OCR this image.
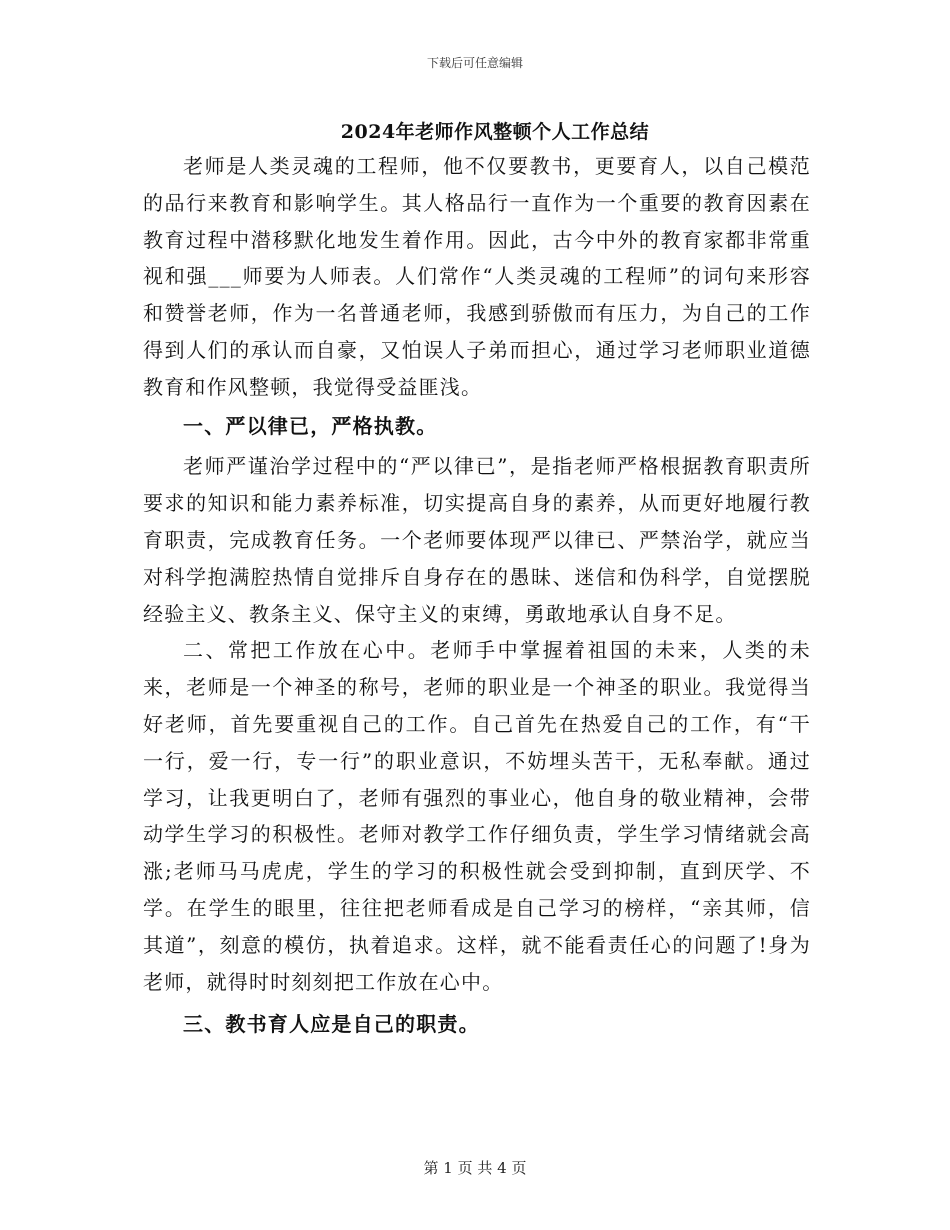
下载后可任意编辑
2024年老师作风整顿个人工作总结

老师是人类灵魂的工程师，他不仅要教书，更要育人，以自己模范的品行来教育和影响学生。其人格品行一直作为一个重要的教育因素在教育过程中潜移默化地发生着作用。因此，古今中外的教育家都非常重视和强___师要为人师表。人们常作“人类灵魂的工程师”的词句来形容和赞誉老师，作为一名普通老师，我感到骄傲而有压力，为自己的工作得到人们的承认而自豪，又怕误人子弟而担心，通过学习老师职业道德教育和作风整顿，我觉得受益匪浅。

一、严以律已，严格执教。

老师严谨治学过程中的“严以律已”，是指老师严格根据教育职责所要求的知识和能力素养标准，切实提高自身的素养，从而更好地履行教育职责，完成教育任务。一个老师要体现严以律已、严禁治学，就应当对科学抱满腔热情自觉排斥自身存在的愚昧、迷信和伪科学，自觉摆脱经验主义、教条主义、保守主义的束缚，勇敢地承认自身不足。

二、常把工作放在心中。老师手中掌握着祖国的未来，人类的未来，老师是一个神圣的称号，老师的职业是一个神圣的职业。我觉得当好老师，首先要重视自己的工作。自己首先在热爱自己的工作，有“干一行，爱一行，专一行”的职业意识，不妨埋头苦干，无私奉献。通过学习，让我更明白了，老师有强烈的事业心，他自身的敬业精神，会带动学生学习的积极性。老师对教学工作仔细负责，学生学习情绪就会高涨;老师马马虎虎，学生的学习的积极性就会受到抑制，直到厌学、不学。在学生的眼里，往往把老师看成是自己学习的榜样，“亲其师，信其道”，刻意的模仿，执着追求。这样，就不能看责任心的问题了!身为老师，就得时时刻刻把工作放在心中。

三、教书育人应是自己的职责。

第 1 页 共 4 页
